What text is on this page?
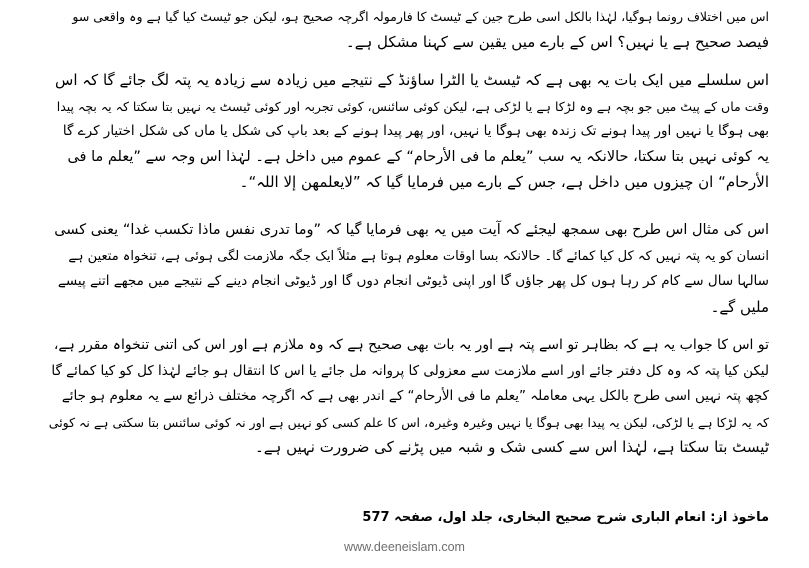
اس میں اختلاف رونما ہوگیا، لہٰذا بالکل اسی طرح جین کے ٹیسٹ کا فارمولہ اگرچہ صحیح ہو، لیکن جو ٹیسٹ کیا گیا ہے وہ واقعی سو
فیصد صحیح ہے یا نہیں؟ اس کے بارے میں یقین سے کہنا مشکل ہے۔
اس سلسلے میں ایک بات یہ بھی ہے کہ ٹیسٹ یا الٹرا ساؤنڈ کے نتیجے میں زیادہ سے زیادہ یہ پتہ لگ جائے گا کہ اس
وقت ماں کے پیٹ میں جو بچہ ہے وہ لڑکا ہے یا لڑکی ہے، لیکن کوئی سائنس، کوئی تجربہ اور کوئی ٹیسٹ یہ نہیں بتا سکتا کہ یہ بچہ پیدا
بھی ہوگا یا نہیں اور پیدا ہونے تک زندہ بھی ہوگا یا نہیں، اور پھر پیدا ہونے کے بعد باپ کی شکل یا ماں کی شکل اختیار کرے گا
یہ کوئی نہیں بتا سکتا، حالانکہ یہ سب ”یعلم ما فی الأرحام“ کے عموم میں داخل ہے۔ لہٰذا اس وجہ سے ”یعلم ما فی
الأرحام“ ان چیزوں میں داخل ہے، جس کے بارے میں فرمایا گیا کہ ”لایعلمھن إلا اللہ“۔
اس کی مثال اس طرح بھی سمجھ لیجئے کہ آیت میں یہ بھی فرمایا گیا کہ ”وما تدری نفس ماذا تکسب غدا“ یعنی کسی
انسان کو یہ پتہ نہیں کہ کل کیا کمائے گا۔ حالانکہ بسا اوقات معلوم ہوتا ہے مثلاً ایک جگہ ملازمت لگی ہوئی ہے، تنخواہ متعین ہے
سالہا سال سے کام کر رہا ہوں کل پھر جاؤں گا اور اپنی ڈیوٹی انجام دوں گا اور ڈیوٹی انجام دینے کے نتیجے میں مجھے اتنے پیسے
ملیں گے۔
تو اس کا جواب یہ ہے کہ بظاہر تو اسے پتہ ہے اور یہ بات بھی صحیح ہے کہ وہ ملازم ہے اور اس کی اتنی تنخواہ مقرر ہے،
لیکن کیا پتہ کہ وہ کل دفتر جائے اور اسے ملازمت سے معزولی کا پروانہ مل جائے یا اس کا انتقال ہو جائے لہٰذا کل کو کیا کمائے گا
کچھ پتہ نہیں اسی طرح بالکل یہی معاملہ ”یعلم ما فی الأرحام“ کے اندر بھی ہے کہ اگرچہ مختلف ذرائع سے یہ معلوم ہو جائے
کہ یہ لڑکا ہے یا لڑکی، لیکن یہ پیدا بھی ہوگا یا نہیں وغیرہ وغیرہ، اس کا علم کسی کو نہیں ہے اور نہ کوئی سائنس بتا سکتی ہے نہ کوئی
ٹیسٹ بتا سکتا ہے، لہٰذا اس سے کسی شک و شبہ میں پڑنے کی ضرورت نہیں ہے۔
ماخوذ از: انعام الباری شرح صحیح البخاری، جلد اول، صفحہ 577
www.deeneislam.com
